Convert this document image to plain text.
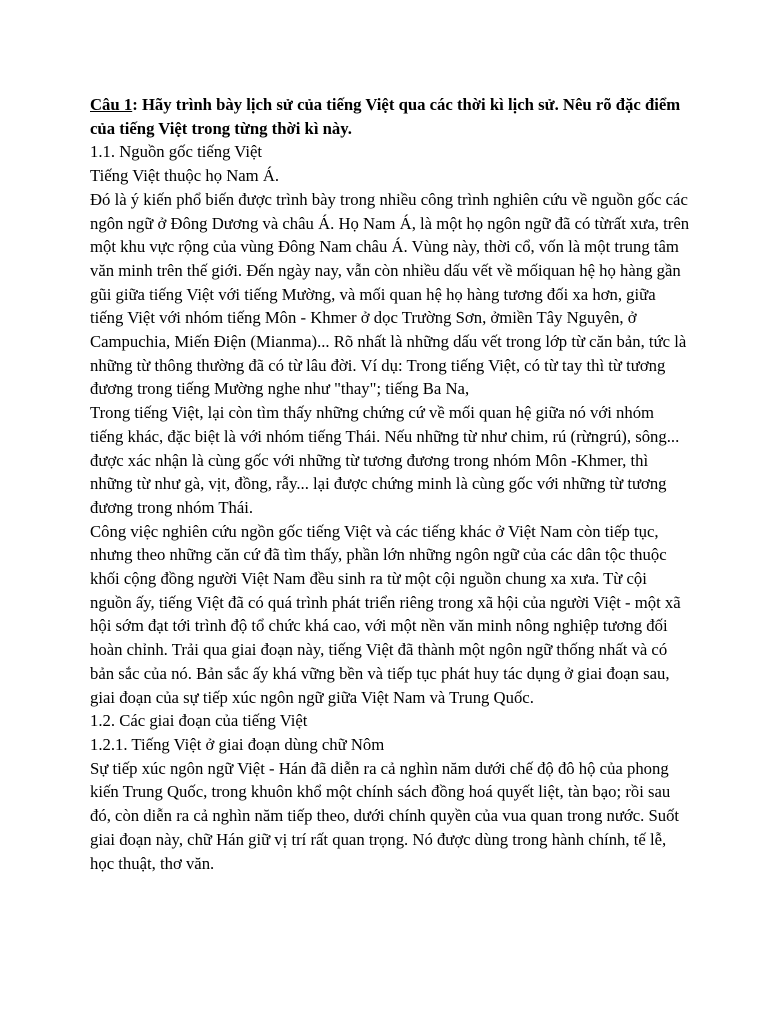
Câu 1: Hãy trình bày lịch sử của tiếng Việt qua các thời kì lịch sử. Nêu rõ đặc điểm của tiếng Việt trong từng thời kì này.

1.1. Nguồn gốc tiếng Việt

Tiếng Việt thuộc họ Nam Á.

Đó là ý kiến phổ biến được trình bày trong nhiều công trình nghiên cứu về nguồn gốc các ngôn ngữ ở Đông Dương và châu Á. Họ Nam Á, là một họ ngôn ngữ đã có từrất xưa, trên một khu vực rộng của vùng Đông Nam châu Á. Vùng này, thời cổ, vốn là một trung tâm văn minh trên thế giới. Đến ngày nay, vẫn còn nhiều dấu vết về mốiquan hệ họ hàng gần gũi giữa tiếng Việt với tiếng Mường, và mối quan hệ họ hàng tương đối xa hơn, giữa tiếng Việt với nhóm tiếng Môn - Khmer ở dọc Trường Sơn, ởmiền Tây Nguyên, ở Campuchia, Miến Điện (Mianma)... Rõ nhất là những dấu vết trong lớp từ căn bản, tức là những từ thông thường đã có từ lâu đời. Ví dụ: Trong tiếng Việt, có từ tay thì từ tương đương trong tiếng Mường nghe như "thay"; tiếng Ba Na,

Trong tiếng Việt, lại còn tìm thấy những chứng cứ về mối quan hệ giữa nó với nhóm tiếng khác, đặc biệt là với nhóm tiếng Thái. Nếu những từ như chim, rú (rừngrú), sông... được xác nhận là cùng gốc với những từ tương đương trong nhóm Môn -Khmer, thì những từ như gà, vịt, đồng, rẫy... lại được chứng minh là cùng gốc với những từ tương đương trong nhóm Thái.

Công việc nghiên cứu ngồn gốc tiếng Việt và các tiếng khác ở Việt Nam còn tiếp tục, nhưng theo những căn cứ đã tìm thấy, phần lớn những ngôn ngữ của các dân tộc thuộc khối cộng đồng người Việt Nam đều sinh ra từ một cội nguồn chung xa xưa. Từ cội nguồn ấy, tiếng Việt đã có quá trình phát triển riêng trong xã hội của người Việt - một xã hội sớm đạt tới trình độ tổ chức khá cao, với một nền văn minh nông nghiệp tương đối hoàn chỉnh. Trải qua giai đoạn này, tiếng Việt đã thành một ngôn ngữ thống nhất và có bản sắc của nó. Bản sắc ấy khá vững bền và tiếp tục phát huy tác dụng ở giai đoạn sau, giai đoạn của sự tiếp xúc ngôn ngữ giữa Việt Nam và Trung Quốc.

1.2. Các giai đoạn của tiếng Việt

1.2.1. Tiếng Việt ở giai đoạn dùng chữ Nôm

Sự tiếp xúc ngôn ngữ Việt - Hán đã diễn ra cả nghìn năm dưới chế độ đô hộ của phong kiến Trung Quốc, trong khuôn khổ một chính sách đồng hoá quyết liệt, tàn bạo; rồi sau đó, còn diễn ra cả nghìn năm tiếp theo, dưới chính quyền của vua quan trong nước. Suốt giai đoạn này, chữ Hán giữ vị trí rất quan trọng. Nó được dùng trong hành chính, tế lễ, học thuật, thơ văn.
